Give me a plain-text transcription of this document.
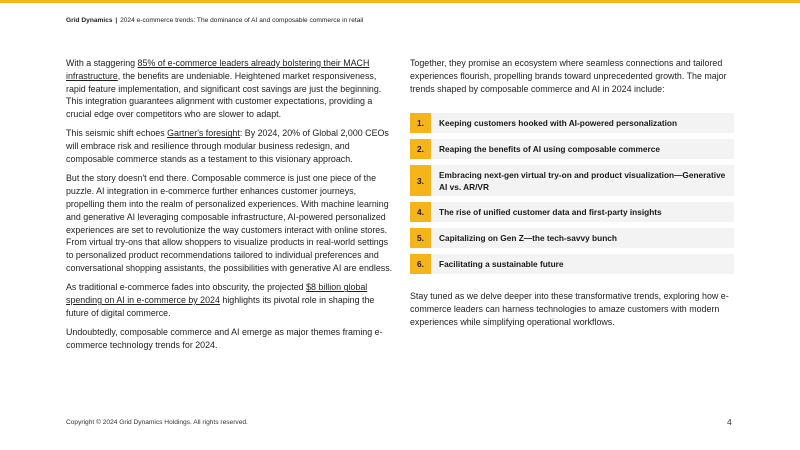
Grid Dynamics | 2024 e-commerce trends: The dominance of AI and composable commerce in retail

With a staggering 85% of e-commerce leaders already bolstering their MACH infrastructure, the benefits are undeniable. Heightened market responsiveness, rapid feature implementation, and significant cost savings are just the beginning. This integration guarantees alignment with customer expectations, providing a crucial edge over competitors who are slower to adapt.

This seismic shift echoes Gartner's foresight: By 2024, 20% of Global 2,000 CEOs will embrace risk and resilience through modular business redesign, and composable commerce stands as a testament to this visionary approach.

But the story doesn't end there. Composable commerce is just one piece of the puzzle. AI integration in e-commerce further enhances customer journeys, propelling them into the realm of personalized experiences. With machine learning and generative AI leveraging composable infrastructure, AI-powered personalized experiences are set to revolutionize the way customers interact with online stores. From virtual try-ons that allow shoppers to visualize products in real-world settings to personalized product recommendations tailored to individual preferences and conversational shopping assistants, the possibilities with generative AI are endless.

As traditional e-commerce fades into obscurity, the projected $8 billion global spending on AI in e-commerce by 2024 highlights its pivotal role in shaping the future of digital commerce.

Undoubtedly, composable commerce and AI emerge as major themes framing e-commerce technology trends for 2024.

Together, they promise an ecosystem where seamless connections and tailored experiences flourish, propelling brands toward unprecedented growth. The major trends shaped by composable commerce and AI in 2024 include:
1.	Keeping customers hooked with AI-powered personalization
2.	Reaping the benefits of AI using composable commerce
3.
Embracing next-gen virtual try-on and product visualization—Generative AI vs. AR/VR
4.	The rise of unified customer data and first-party insights
5.	Capitalizing on Gen Z—the tech-savvy bunch
6.	Facilitating a sustainable future
Stay tuned as we delve deeper into these transformative trends, exploring how e-commerce leaders can harness technologies to amaze customers with modern experiences while simplifying operational workflows.
Copyright © 2024 Grid Dynamics Holdings. All rights reserved.	4
